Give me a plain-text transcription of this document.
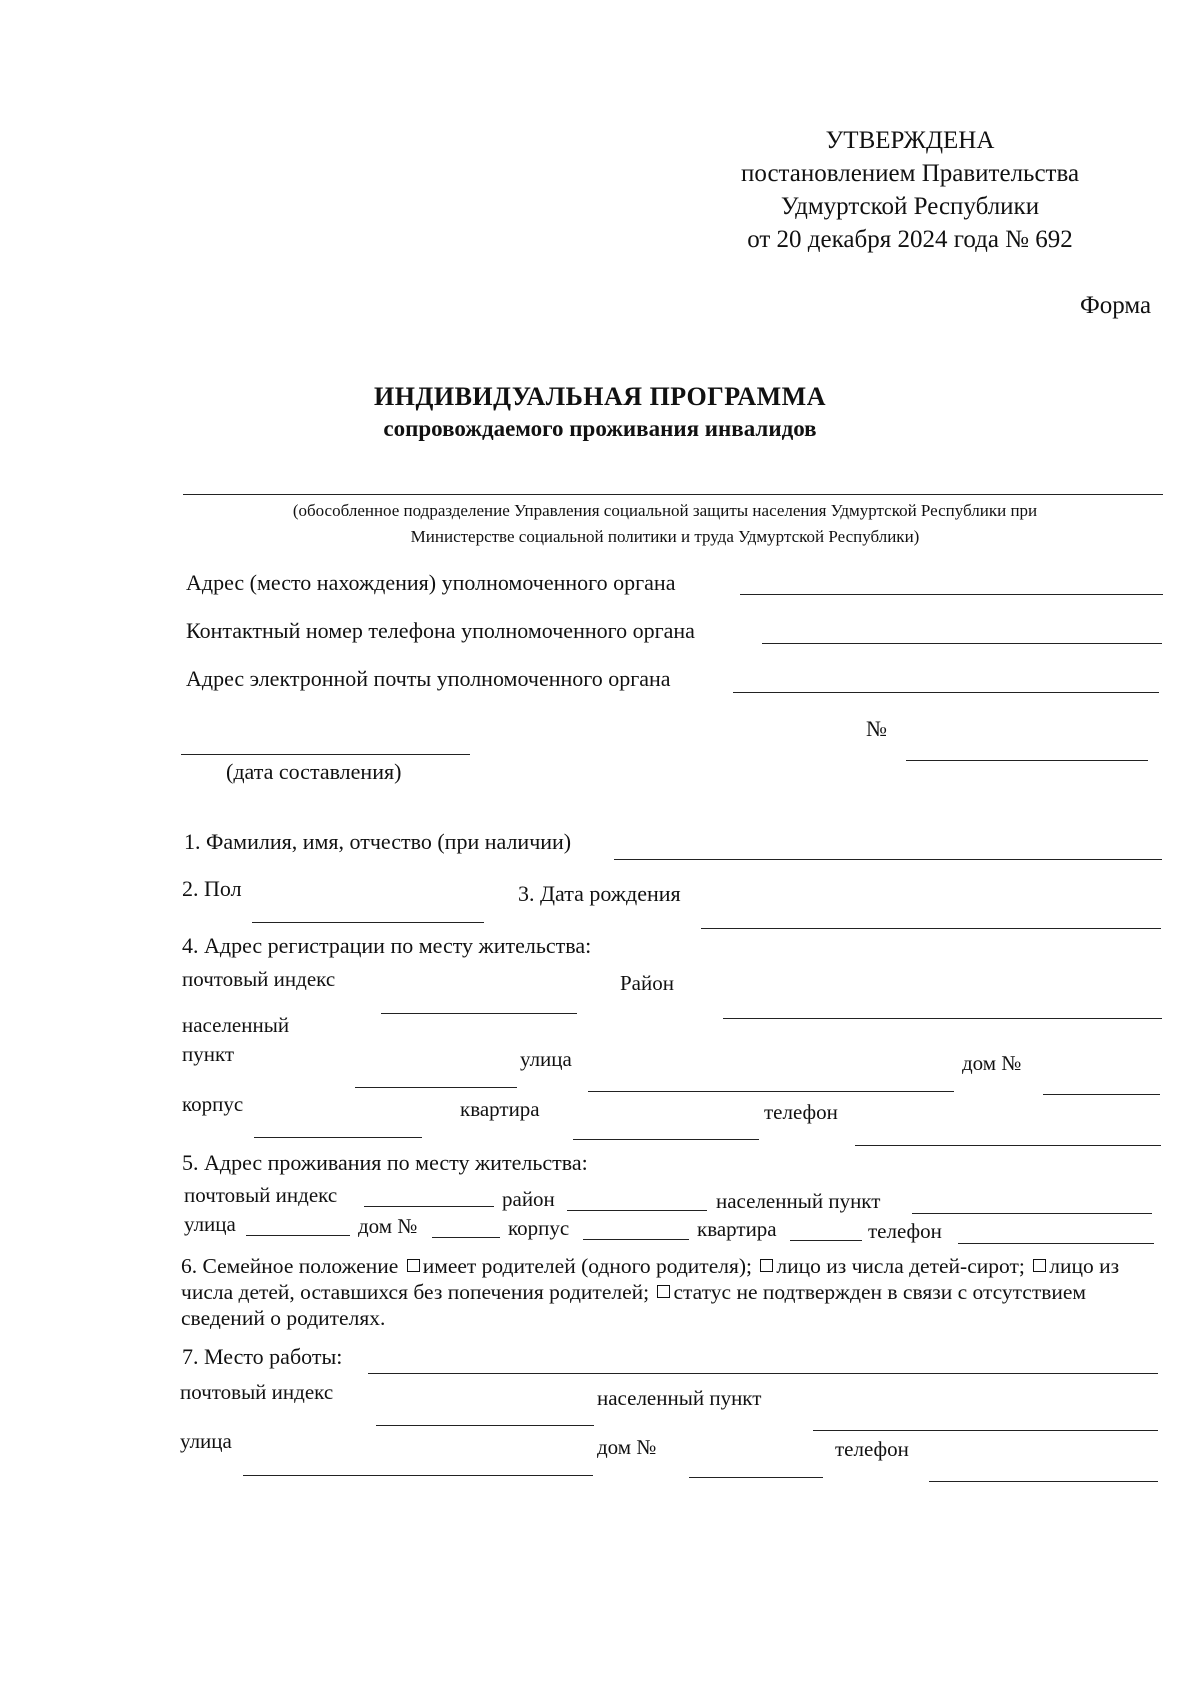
УТВЕРЖДЕНА
постановлением Правительства
Удмуртской Республики
от 20 декабря 2024 года № 692
Форма
ИНДИВИДУАЛЬНАЯ ПРОГРАММА
сопровождаемого проживания инвалидов
(обособленное подразделение Управления социальной защиты населения Удмуртской Республики при
Министерстве социальной политики и труда Удмуртской Республики)
Адрес (место нахождения) уполномоченного органа
Контактный номер телефона уполномоченного органа
Адрес электронной почты уполномоченного органа
№
(дата составления)
1. Фамилия, имя, отчество (при наличии)
2. Пол	3. Дата рождения
4. Адрес регистрации по месту жительства:
почтовый индекс	Район
населенный
пункт	улица	дом №
корпус	квартира	телефон
5. Адрес проживания по месту жительства:
почтовый индекс	район	населенный пункт
улица	дом №	корпус	квартира	телефон
6. Семейное положение имеет родителей (одного родителя); лицо из числа детей-сирот; лицо из числа детей, оставшихся без попечения родителей; статус не подтвержден в связи с отсутствием сведений о родителях.
7. Место работы:
почтовый индекс	населенный пункт
улица	дом №	телефон
